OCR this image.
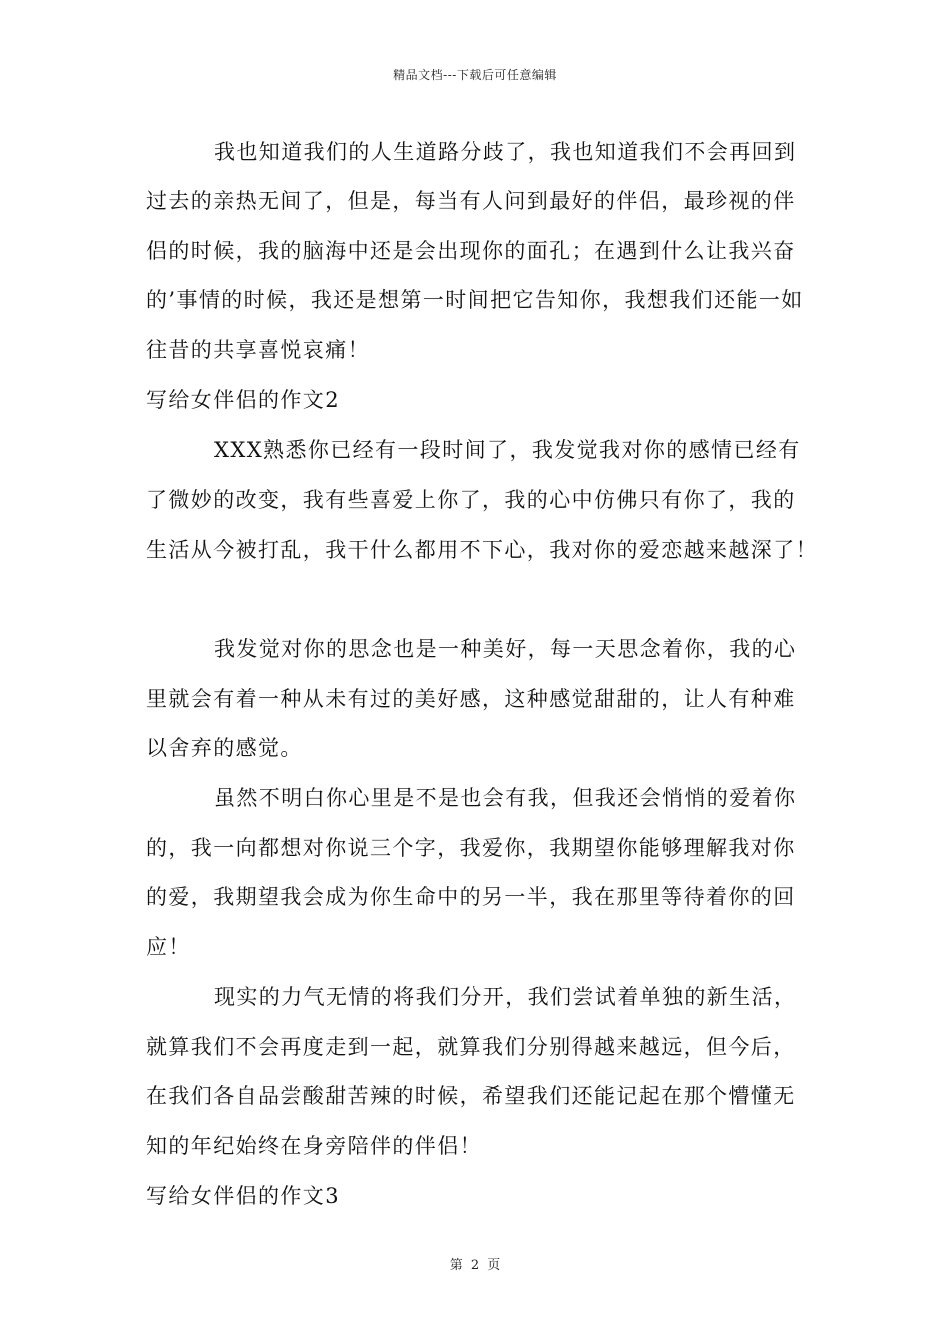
精品文档---下载后可任意编辑
我也知道我们的人生道路分歧了，我也知道我们不会再回到
过去的亲热无间了，但是，每当有人问到最好的伴侣，最珍视的伴
侣的时候，我的脑海中还是会出现你的面孔；在遇到什么让我兴奋
的’事情的时候，我还是想第一时间把它告知你，我想我们还能一如
往昔的共享喜悦哀痛！
写给女伴侣的作文2
XXX熟悉你已经有一段时间了，我发觉我对你的感情已经有
了微妙的改变，我有些喜爱上你了，我的心中仿佛只有你了，我的
生活从今被打乱，我干什么都用不下心，我对你的爱恋越来越深了！
我发觉对你的思念也是一种美好，每一天思念着你，我的心
里就会有着一种从未有过的美好感，这种感觉甜甜的，让人有种难
以舍弃的感觉。
虽然不明白你心里是不是也会有我，但我还会悄悄的爱着你
的，我一向都想对你说三个字，我爱你，我期望你能够理解我对你
的爱，我期望我会成为你生命中的另一半，我在那里等待着你的回
应！
现实的力气无情的将我们分开，我们尝试着单独的新生活，
就算我们不会再度走到一起，就算我们分别得越来越远，但今后，
在我们各自品尝酸甜苦辣的时候，希望我们还能记起在那个懵懂无
知的年纪始终在身旁陪伴的伴侣！
写给女伴侣的作文3
第 2 页
